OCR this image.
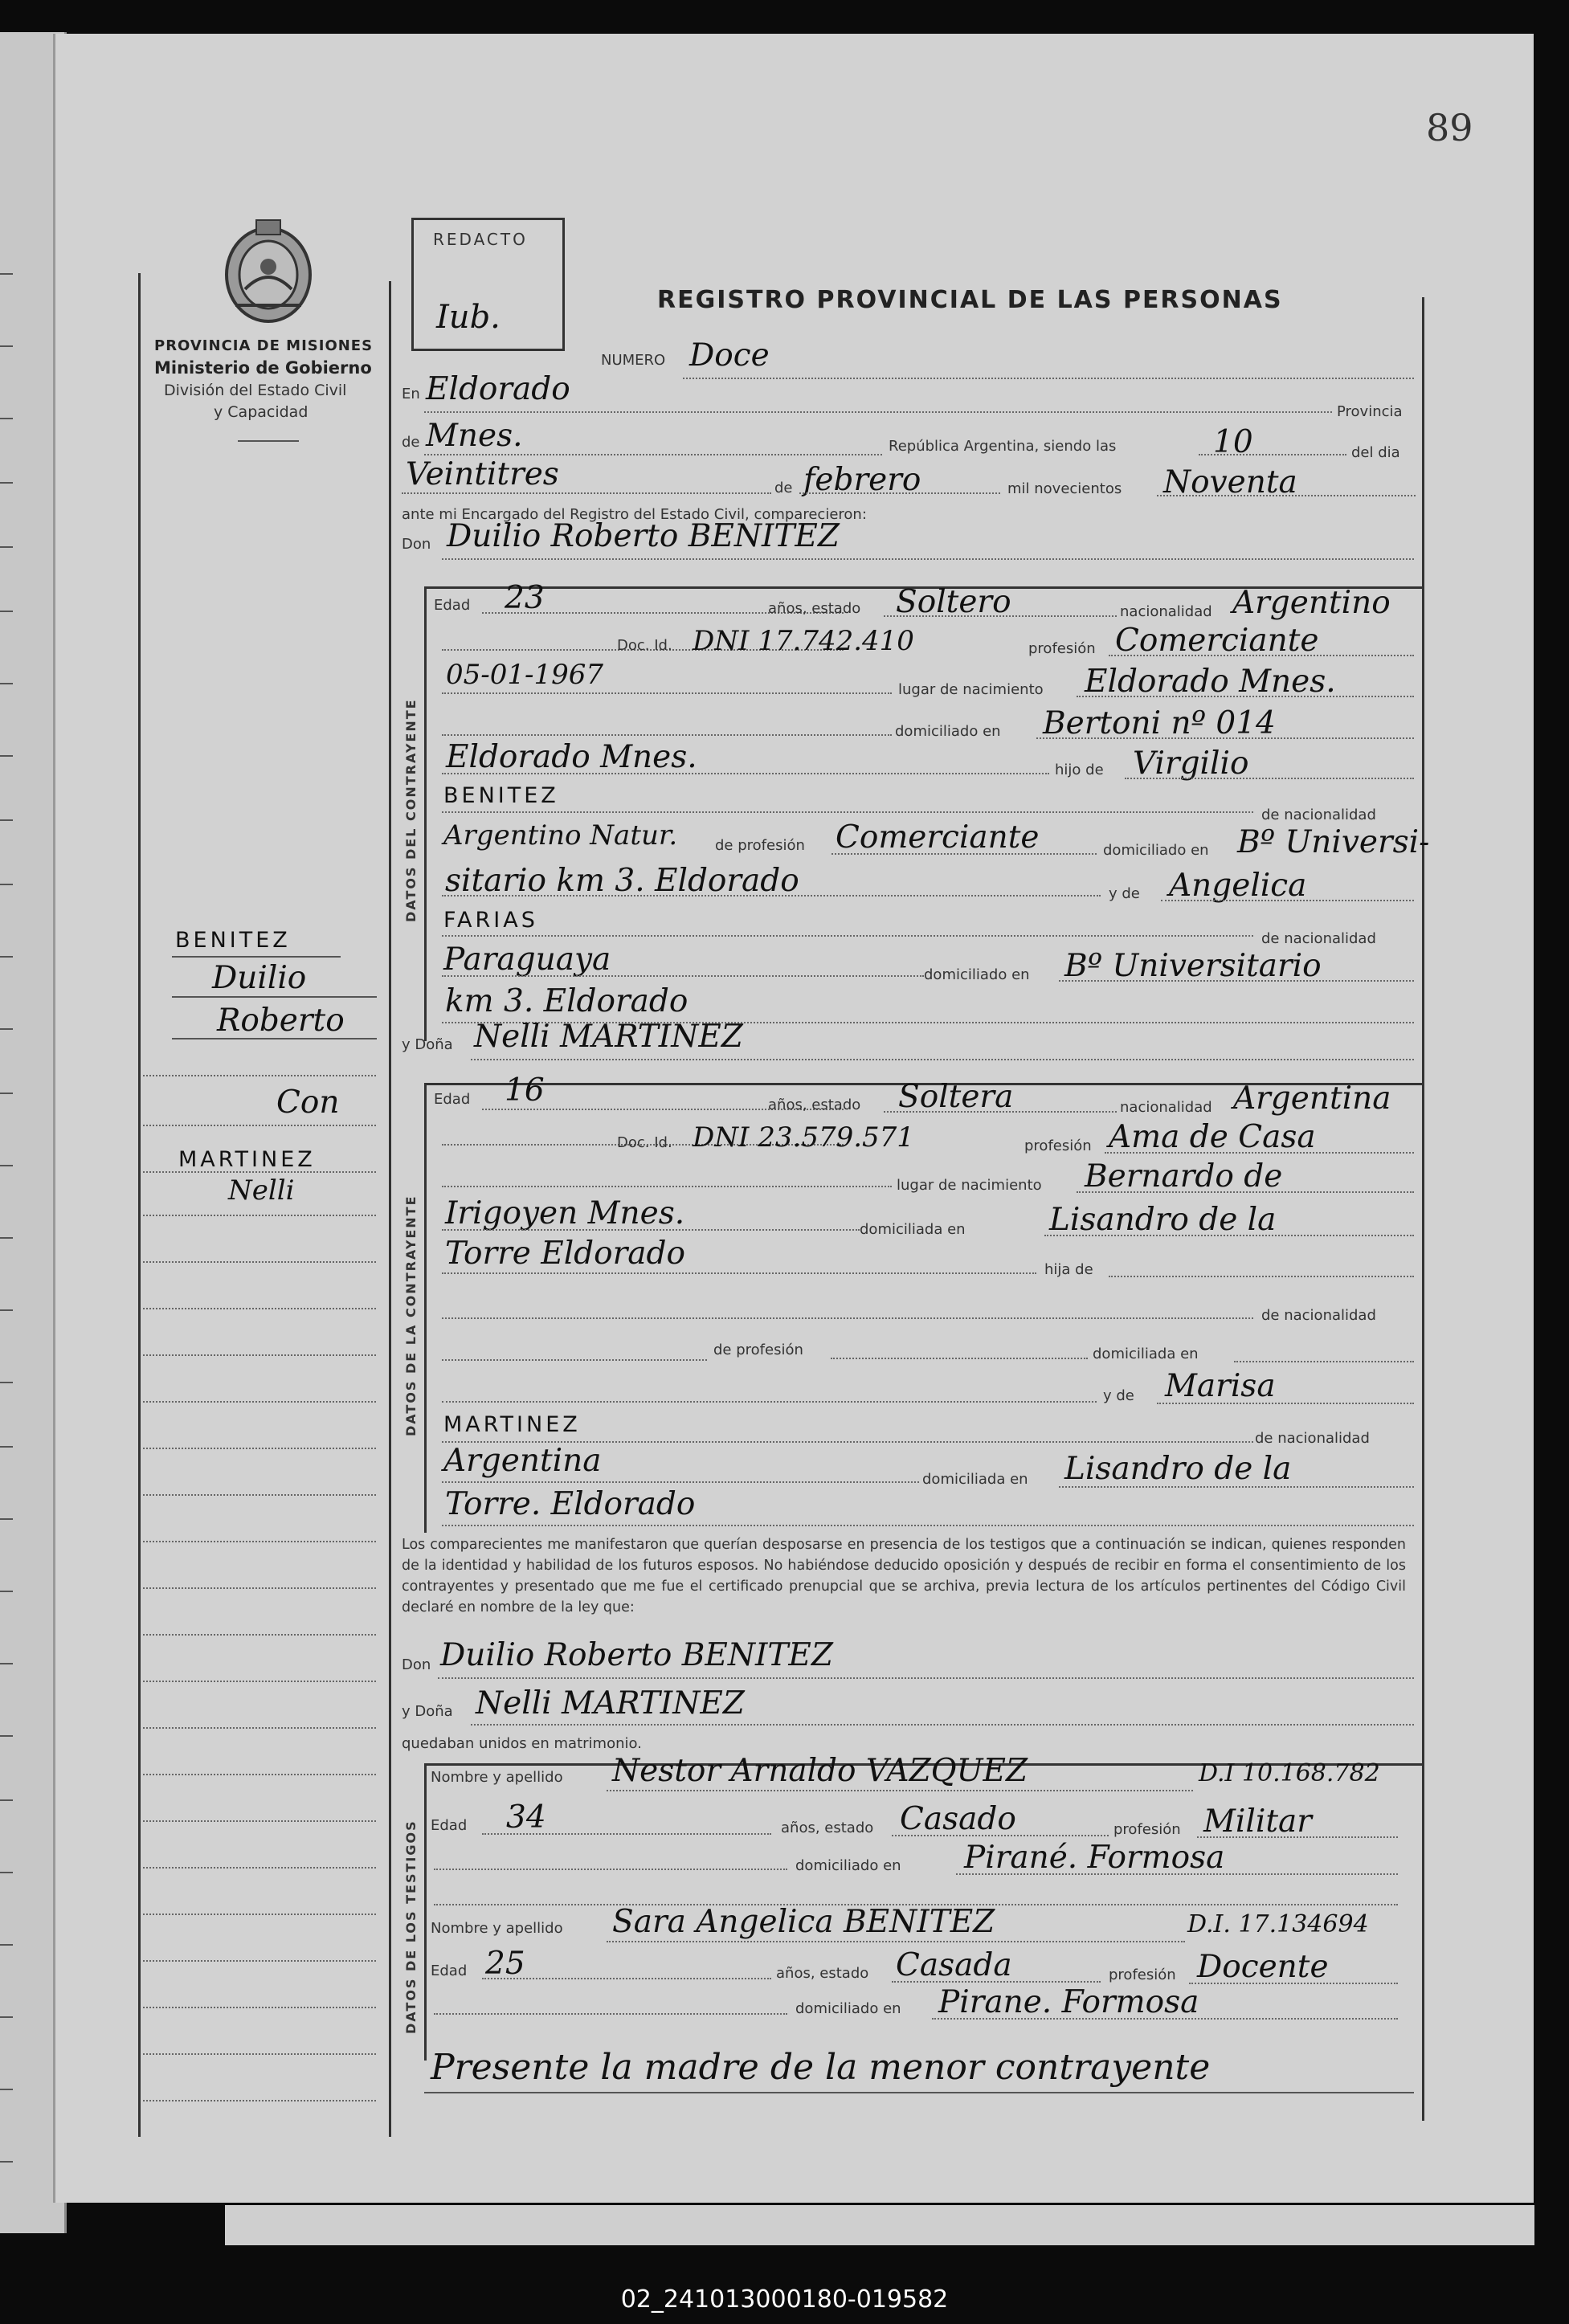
89
PROVINCIA DE MISIONES
Ministerio de Gobierno
División del Estado Civil
y Capacidad
REDACTO
Iub.	REGISTRO PROVINCIAL DE LAS PERSONAS
DATOS DEL CONTRAYENTE
DATOS DE LA CONTRAYENTE
DATOS DE LOS TESTIGOS
BENITEZ
Duilio
Roberto
Con
MARTINEZ
Nelli
NUMERO Doce
En Eldorado
Provincia
de Mnes.	República Argentina, siendo las	10	del dia
Veintitres	de febrero	mil novecientos Noventa
ante mi Encargado del Registro del Estado Civil, comparecieron:
Don Duilio Roberto BENITEZ
Edad 23	años, estado Soltero	nacionalidad Argentino
Doc. Id. DNI 17.742.410	profesión Comerciante
05-01-1967	lugar de nacimiento Eldorado Mnes.
domiciliado en Bertoni nº 014
Eldorado Mnes.	hijo de Virgilio
BENITEZ
de nacionalidad
Argentino Natur.	de profesión Comerciante	domiciliado en Bº Universi-
sitario km 3. Eldorado	y de Angelica
FARIAS
de nacionalidad
Paraguaya	domiciliado en Bº Universitario
km 3. Eldorado
y Doña Nelli MARTINEZ
Edad 16	años, estado Soltera	nacionalidad Argentina
Doc. Id. DNI 23.579.571	profesión Ama de Casa
lugar de nacimiento Bernardo de
Irigoyen Mnes.	domiciliada en	Lisandro de la
Torre Eldorado	hija de
de nacionalidad
de profesión	domiciliada en
y de Marisa
MARTINEZ
de nacionalidad
Argentina
domiciliada en Lisandro de la
Torre. Eldorado
Los comparecientes me manifestaron que querían desposarse en presencia de los testigos que a continuación se indican, quienes responden de la identidad y habilidad de los futuros esposos. No habiéndose deducido oposición y después de recibir en forma el consentimiento de los contrayentes y presentado que me fue el certificado prenupcial que se archiva, previa lectura de los artículos pertinentes del Código Civil declaré en nombre de la ley que:
Don Duilio Roberto BENITEZ
y Doña Nelli MARTINEZ
quedaban unidos en matrimonio.
Nombre y apellido Nestor Arnaldo VAZQUEZ	D.I 10.168.782
Edad 34	años, estado Casado	profesión Militar
domiciliado en Pirané. Formosa
Nombre y apellido Sara Angelica BENITEZ	D.I. 17.134694
Edad 25	años, estado Casada	profesión Docente
domiciliado en Pirane. Formosa
Presente la madre de la menor contrayente
02_241013000180-019582
